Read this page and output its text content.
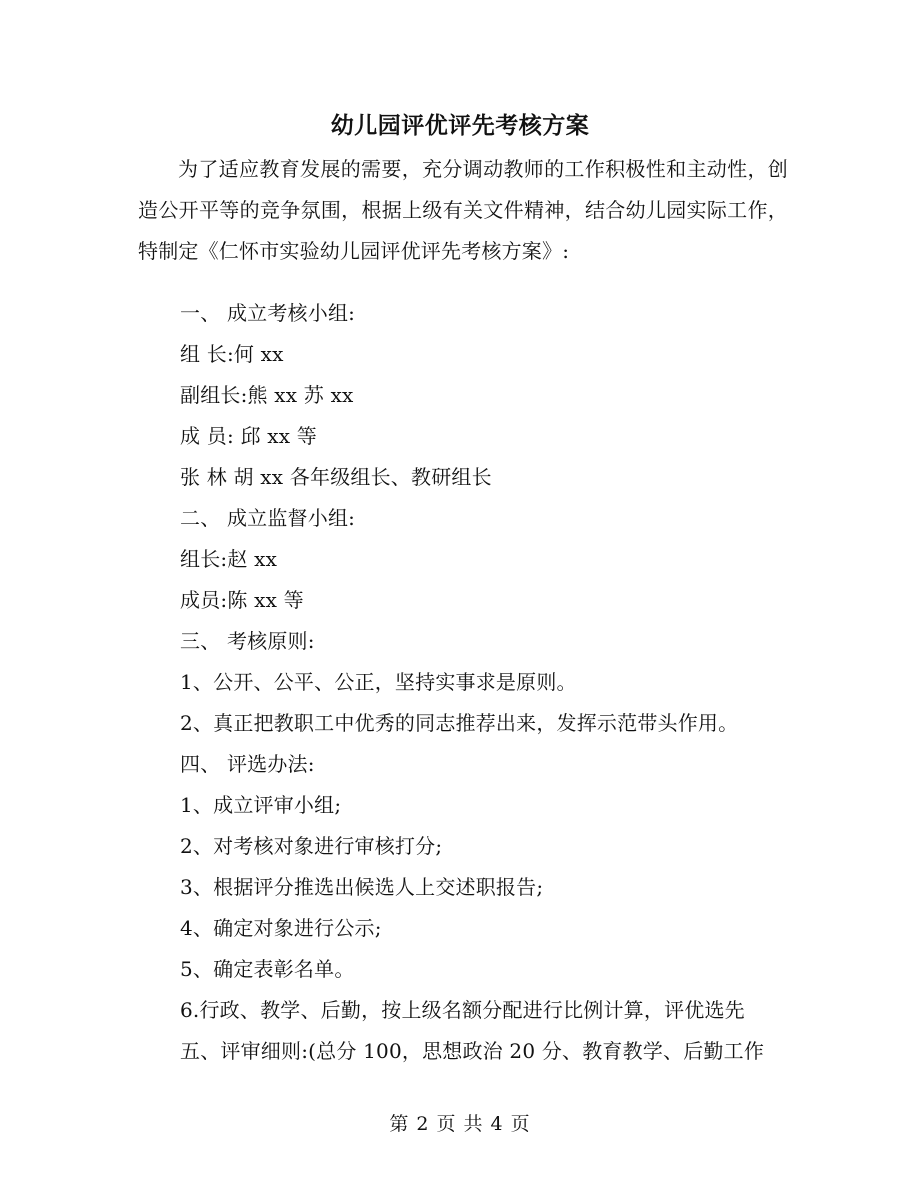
幼儿园评优评先考核方案
为了适应教育发展的需要，充分调动教师的工作积极性和主动性，创造公开平等的竞争氛围，根据上级有关文件精神，结合幼儿园实际工作，特制定《仁怀市实验幼儿园评优评先考核方案》:
一、 成立考核小组:
组 长:何 xx
副组长:熊 xx 苏 xx
成 员: 邱 xx 等
张 林 胡 xx 各年级组长、教研组长
二、 成立监督小组:
组长:赵 xx
成员:陈 xx 等
三、 考核原则:
1、公开、公平、公正，坚持实事求是原则。
2、真正把教职工中优秀的同志推荐出来，发挥示范带头作用。
四、 评选办法:
1、成立评审小组;
2、对考核对象进行审核打分;
3、根据评分推选出候选人上交述职报告;
4、确定对象进行公示;
5、确定表彰名单。
6.行政、教学、后勤，按上级名额分配进行比例计算，评优选先
五、评审细则:(总分 100，思想政治 20 分、教育教学、后勤工作
第 2 页 共 4 页
